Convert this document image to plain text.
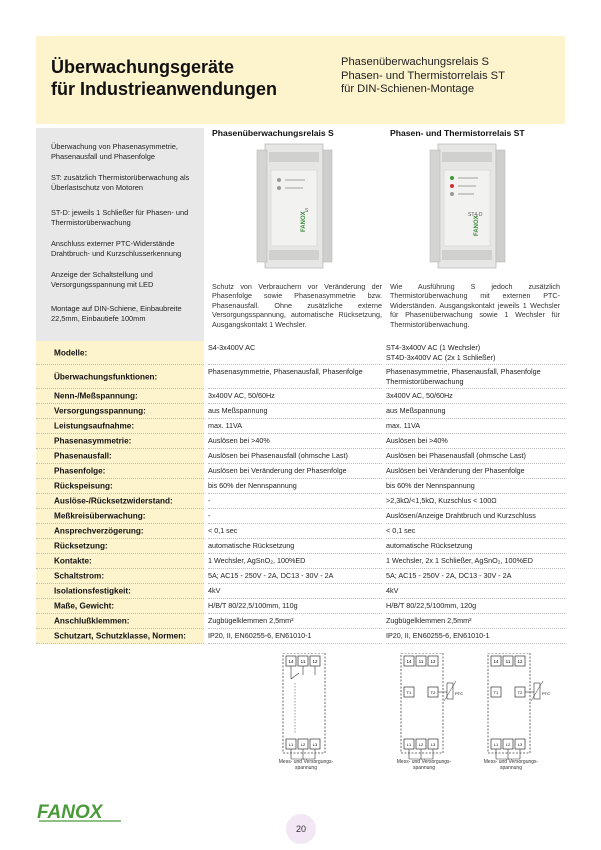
Überwachungsgeräte
für Industrieanwendungen
Phasenüberwachungsrelais S
Phasen- und Thermistorrelais ST
für DIN-Schienen-Montage

Überwachung von Phasenasymmetrie, Phasenausfall und Phasenfolge

ST: zusätzlich Thermistorüberwachung als Überlastschutz von Motoren

ST-D: jeweils 1 Schließer für Phasen- und Thermistorüberwachung

Anschluss externer PTC-Widerstände Drahtbruch- und Kurzschlusserkennung

Anzeige der Schaltstellung und Versorgungsspannung mit LED

Montage auf DIN-Schiene, Einbaubreite 22,5mm, Einbautiefe 100mm

Phasenüberwachungsrelais S	Phasen- und Thermistorrelais ST
FANOX
S
FANOX
ST4-D
Schutz von Verbrauchern vor Veränderung der Phasenfolge sowie Phasenasymmetrie bzw. Phasenausfall. Ohne zusätzliche externe Versorgungsspannung, automatische Rücksetzung, Ausgangskontakt 1 Wechsler.
Wie Ausführung S jedoch zusätzlich Thermistorüberwachung mit externen PTC-Widerständen. Ausgangskontakt jeweils 1 Wechsler für Phasenüberwachung sowie 1 Wechsler für Thermistorüberwachung.
Modelle:
S4-3x400V AC	ST4-3x400V AC (1 Wechsler)
ST4D-3x400V AC (2x 1 Schließer)
Überwachungsfunktionen:
Phasenasymmetrie, Phasenausfall, Phasenfolge	Phasenasymmetrie, Phasenausfall, Phasenfolge
Thermistorüberwachung
Nenn-/Meßspannung:	3x400V AC, 50/60Hz	3x400V AC, 50/60Hz
Versorgungsspannung:	aus Meßspannung	aus Meßspannung
Leistungsaufnahme:	max. 11VA	max. 11VA
Phasenasymmetrie:	Auslösen bei >40%	Auslösen bei >40%
Phasenausfall:	Auslösen bei Phasenausfall (ohmsche Last)	Auslösen bei Phasenausfall (ohmsche Last)
Phasenfolge:	Auslösen bei Veränderung der Phasenfolge	Auslösen bei Veränderung der Phasenfolge
Rückspeisung:	bis 60% der Nennspannung	bis 60% der Nennspannung
Auslöse-/Rücksetzwiderstand:	-	>2,3kΩ/<1,5kΩ, Kuzschlus < 100Ω
Meßkreisüberwachung:	-	Auslösen/Anzeige Drahtbruch und Kurzschluss
Ansprechverzögerung:	< 0,1 sec	< 0,1 sec
Rücksetzung:	automatische Rücksetzung	automatische Rücksetzung
Kontakte:	1 Wechsler, AgSnO₂, 100%ED	1 Wechsler, 2x 1 Schließer, AgSnO₂, 100%ED
Schaltstrom:	5A; AC15 - 250V - 2A, DC13 - 30V - 2A	5A; AC15 - 250V - 2A, DC13 - 30V - 2A
Isolationsfestigkeit:	4kV	4kV
Maße, Gewicht:	H/B/T 80/22,5/100mm, 110g	H/B/T 80/22,5/100mm, 120g
Anschlußklemmen:	Zugbügelklemmen 2,5mm²	Zugbügelklemmen 2,5mm²
Schutzart, Schutzklasse, Normen:	IP20, II, EN60255-6, EN61010-1	IP20, II, EN60255-6, EN61010-1
14 11 12
L1 L2 L3
Mess- und Versorgungs-spannung
14 11 12
T1	T2	PTC
L1 L2 L3
Mess- und Versorgungs-spannung
14 11 12
T1	T2	PTC
L1 L2 L3
Mess- und Versorgungs-spannung
FANOX
20
